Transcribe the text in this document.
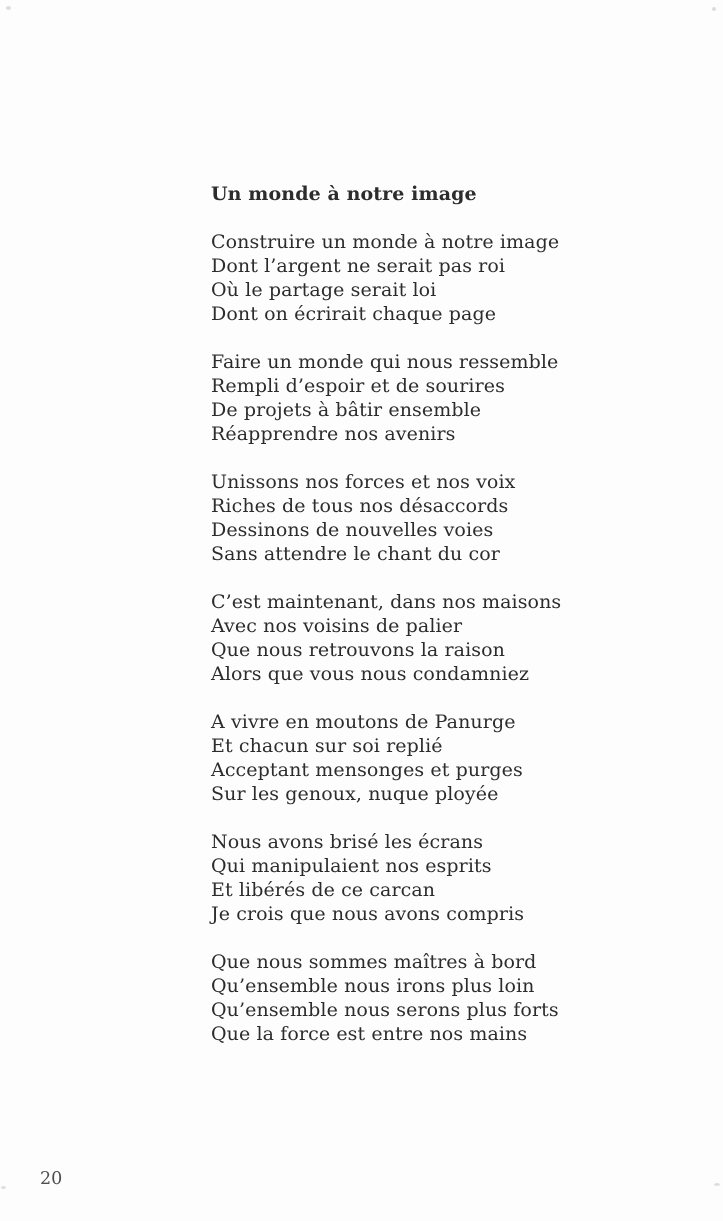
Un monde à notre image

Construire un monde à notre image

Dont l’argent ne serait pas roi

Où le partage serait loi

Dont on écrirait chaque page

Faire un monde qui nous ressemble

Rempli d’espoir et de sourires

De projets à bâtir ensemble

Réapprendre nos avenirs

Unissons nos forces et nos voix

Riches de tous nos désaccords

Dessinons de nouvelles voies

Sans attendre le chant du cor

C’est maintenant, dans nos maisons

Avec nos voisins de palier

Que nous retrouvons la raison

Alors que vous nous condamniez

A vivre en moutons de Panurge

Et chacun sur soi replié

Acceptant mensonges et purges

Sur les genoux, nuque ployée

Nous avons brisé les écrans

Qui manipulaient nos esprits

Et libérés de ce carcan

Je crois que nous avons compris

Que nous sommes maîtres à bord

Qu’ensemble nous irons plus loin

Qu’ensemble nous serons plus forts

Que la force est entre nos mains

20
